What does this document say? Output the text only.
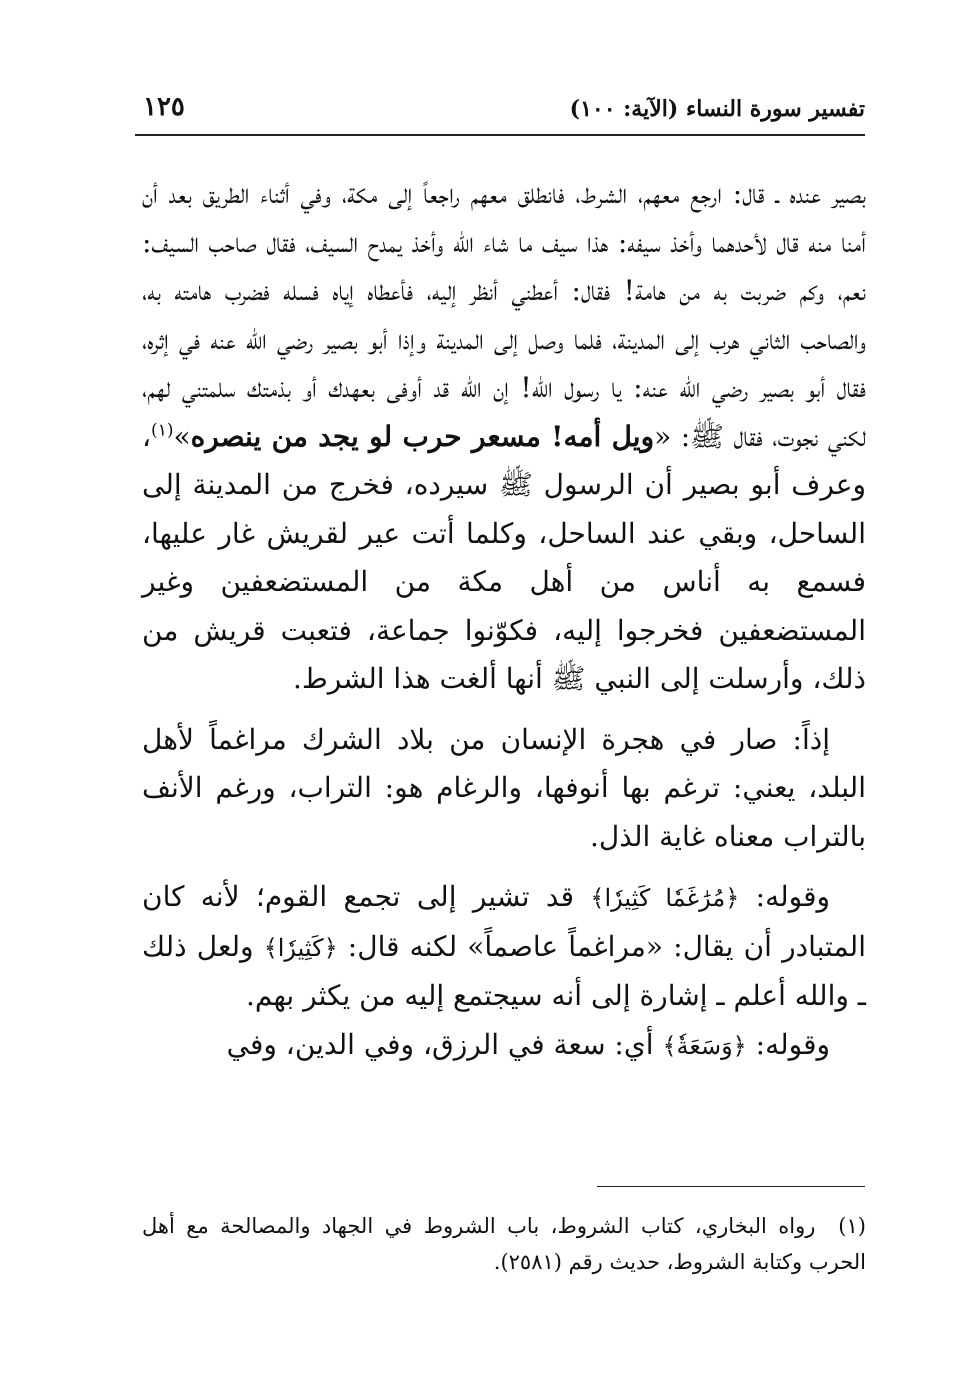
تفسير سورة النساء (الآية: ١٠٠)
١٢٥

بصير عنده ـ قال: ارجع معهم، الشرط، فانطلق معهم راجعاً إلى مكة، وفي أثناء الطريق بعد أن أمنا منه قال لأحدهما وأخذ سيفه: هذا سيف ما شاء الله وأخذ يمدح السيف، فقال صاحب السيف: نعم، وكم ضربت به من هامة! فقال: أعطني أنظر إليه، فأعطاه إياه فسله فضرب هامته به، والصاحب الثاني هرب إلى المدينة، فلما وصل إلى المدينة وإذا أبو بصير رضي الله عنه في إثره، فقال أبو بصير رضي الله عنه: يا رسول الله! إن الله قد أوفى بعهدك أو بذمتك سلمتني لهم، لكني نجوت، فقال ﷺ: «ويل أمه! مسعر حرب لو يجد من ينصره»$^{(١)}$، وعرف أبو بصير أن الرسول ﷺ سيرده، فخرج من المدينة إلى الساحل، وبقي عند الساحل، وكلما أتت عير لقريش غار عليها، فسمع به أناس من أهل مكة من المستضعفين وغير المستضعفين فخرجوا إليه، فكوّنوا جماعة، فتعبت قريش من ذلك، وأرسلت إلى النبي ﷺ أنها ألغت هذا الشرط.

إذاً: صار في هجرة الإنسان من بلاد الشرك مراغماً لأهل البلد، يعني: ترغم بها أنوفها، والرغام هو: التراب، ورغم الأنف بالتراب معناه غاية الذل.

وقوله: ﴿مُرَٰغَمٗا كَثِيرٗا﴾ قد تشير إلى تجمع القوم؛ لأنه كان المتبادر أن يقال: «مراغماً عاصماً» لكنه قال: ﴿كَثِيرٗا﴾ ولعل ذلك ـ والله أعلم ـ إشارة إلى أنه سيجتمع إليه من يكثر بهم.

وقوله: ﴿وَسَعَةٗ﴾ أي: سعة في الرزق، وفي الدين، وفي

(١)  رواه البخاري، كتاب الشروط، باب الشروط في الجهاد والمصالحة مع أهل الحرب وكتابة الشروط، حديث رقم (٢٥٨١).
